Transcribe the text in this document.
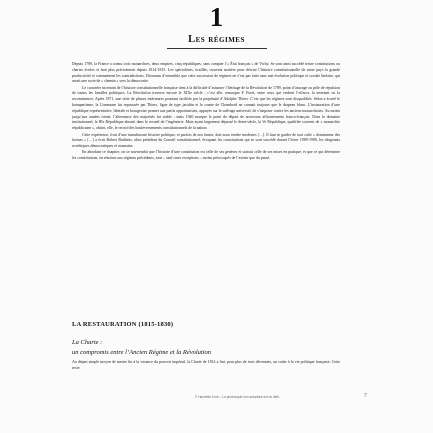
1
Les régimes

Depuis 1789, la France a connu trois monarchies, deux empires, cinq républiques, sans compter l’« État français » de Vichy. Se sont ainsi succédé treize constitutions ou chartes écrites et huit plus précisément depuis 1814-1815. Les spécialistes, tiraillés, trouvent matière pour décrire l’histoire constitutionnelle de notre pays la grande productivité et commentent les contradictions. Dioramas d’ensemble que cette succession de régimes ne s’est pas faite sans une évolution politique et sociale linéaire, qui serait une sorte de « chemin » vers la démocratie.

Le caractère incertain de l’histoire constitutionnelle française tient à la difficulté d’assumer l’héritage de la Révolution de 1789, point d’ancrage ou pôle de répulsion de toutes les familles politiques. La Révolution traverse encore le XIXe siècle ; c’est elle, remarque F. Furet, entre ceux qui veulent l’effacer, la terminer ou la recommencer. Après 1871, une série de phases intérieures pourtant facilitée par la perpétuité d’Adolphe Thiers. C’est que les régimes sont disqualifiés. Selon a écarté le bonapartisme, la Commune fut repoussée par Thiers, ligue de type jacobin et le comte de Chambord ne connait toujours que le drapeau blanc. L’instauration d’une république représentative, libérale et bourgeoise permet aux partis opportunistes, appuyés sur le suffrage universel, de s’imposer contre les anciens monarchistes. Au moins jusqu’aux années trente, l’alternance des majorités fut stable ; mais 1940 marque le point de départ de nouveaux affrontements franco-français. Dans le domaine institutionnel, la IIIe République aboutit dans le recueil de l’ingénierie. Mais ayant largement dépassé le demi-siècle, la Ve République, qualifiée souvent de « monarchie républicaine », obtint, elle, le record des bouleversements constitutionnels de la nation.

Cette expérience, fruit d’une tumultueuse histoire politique, et parfois de nos fautes, doit nous rendre modestes […]. Il faut se garder de tout culte « dominateur des formes » […] a écrit Robert Badinter, alors président du Conseil constitutionnel, évoquant les constitutions qui se sont succédé durant l’hiver 1989-1990, les dirigeants soviétiques démocratiques et roumains.

En abordant ce chapitre, on se souviendra que l’histoire d’une constitution est celle de ses genèses et surtout celle de ses mises en pratique, et que ce qui détermine les constitutions, en réaction aux régimes précédents, sont – sauf rares exceptions – moins préoccupés de l’avenir que du passé.

LA RESTAURATION (1815-1830)
La Charte :
un compromis entre l’Ancien Régime et la Révolution
Au départ simple moyen de mettre fin à la vacance du pouvoir impérial, la Charte de 1814 a fini, pour plus de trois décennies, un cadre à la vie politique française. Cette texte
© Hachette Livre – La photocopie non autorisée est un délit.	7
